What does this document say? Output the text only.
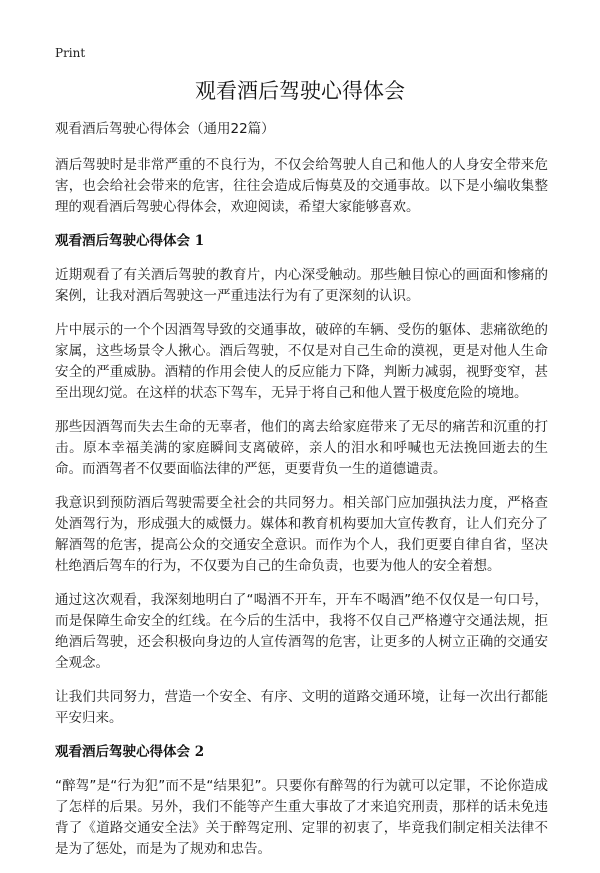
Print
观看酒后驾驶心得体会

观看酒后驾驶心得体会（通用22篇）

酒后驾驶时是非常严重的不良行为，不仅会给驾驶人自己和他人的人身安全带来危害，也会给社会带来的危害，往往会造成后悔莫及的交通事故。以下是小编收集整理的观看酒后驾驶心得体会，欢迎阅读，希望大家能够喜欢。

观看酒后驾驶心得体会 1

近期观看了有关酒后驾驶的教育片，内心深受触动。那些触目惊心的画面和惨痛的案例，让我对酒后驾驶这一严重违法行为有了更深刻的认识。

片中展示的一个个因酒驾导致的交通事故，破碎的车辆、受伤的躯体、悲痛欲绝的家属，这些场景令人揪心。酒后驾驶，不仅是对自己生命的漠视，更是对他人生命安全的严重威胁。酒精的作用会使人的反应能力下降，判断力减弱，视野变窄，甚至出现幻觉。在这样的状态下驾车，无异于将自己和他人置于极度危险的境地。

那些因酒驾而失去生命的无辜者，他们的离去给家庭带来了无尽的痛苦和沉重的打击。原本幸福美满的家庭瞬间支离破碎，亲人的泪水和呼喊也无法挽回逝去的生命。而酒驾者不仅要面临法律的严惩，更要背负一生的道德谴责。

我意识到预防酒后驾驶需要全社会的共同努力。相关部门应加强执法力度，严格查处酒驾行为，形成强大的威慑力。媒体和教育机构要加大宣传教育，让人们充分了解酒驾的危害，提高公众的交通安全意识。而作为个人，我们更要自律自省，坚决杜绝酒后驾车的行为，不仅要为自己的生命负责，也要为他人的安全着想。

通过这次观看，我深刻地明白了“喝酒不开车，开车不喝酒”绝不仅仅是一句口号，而是保障生命安全的红线。在今后的生活中，我将不仅自己严格遵守交通法规，拒绝酒后驾驶，还会积极向身边的人宣传酒驾的危害，让更多的人树立正确的交通安全观念。

让我们共同努力，营造一个安全、有序、文明的道路交通环境，让每一次出行都能平安归来。

观看酒后驾驶心得体会 2

“醉驾”是“行为犯”而不是“结果犯”。只要你有醉驾的行为就可以定罪，不论你造成了怎样的后果。另外，我们不能等产生重大事故了才来追究刑责，那样的话未免违背了《道路交通安全法》关于醉驾定刑、定罪的初衷了，毕竟我们制定相关法律不是为了惩处，而是为了规劝和忠告。
